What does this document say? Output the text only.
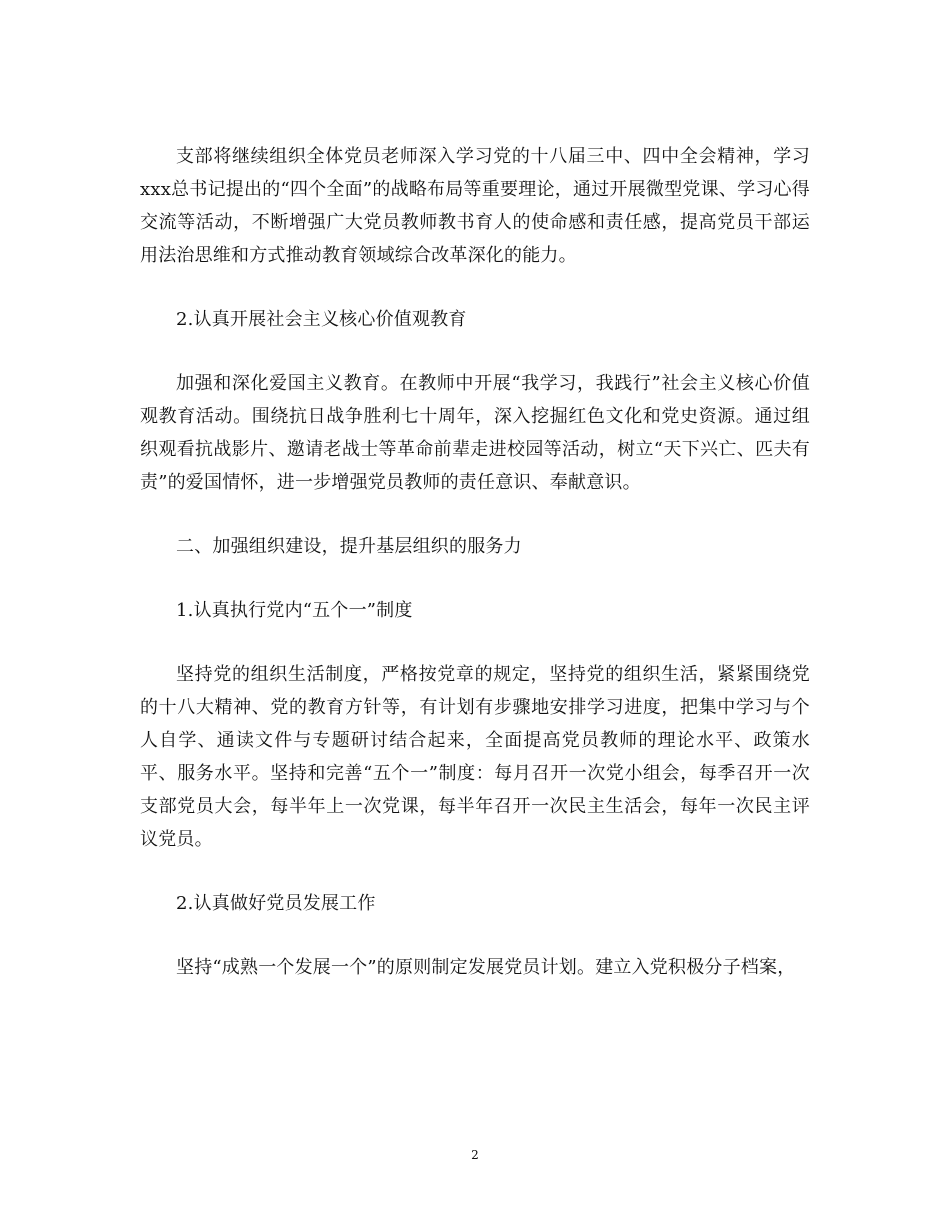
支部将继续组织全体党员老师深入学习党的十八届三中、四中全会精神，学习xxx总书记提出的“四个全面”的战略布局等重要理论，通过开展微型党课、学习心得交流等活动，不断增强广大党员教师教书育人的使命感和责任感，提高党员干部运用法治思维和方式推动教育领域综合改革深化的能力。

2.认真开展社会主义核心价值观教育

加强和深化爱国主义教育。在教师中开展“我学习，我践行”社会主义核心价值观教育活动。围绕抗日战争胜利七十周年，深入挖掘红色文化和党史资源。通过组织观看抗战影片、邀请老战士等革命前辈走进校园等活动，树立“天下兴亡、匹夫有责”的爱国情怀，进一步增强党员教师的责任意识、奉献意识。

二、加强组织建设，提升基层组织的服务力

1.认真执行党内“五个一”制度

坚持党的组织生活制度，严格按党章的规定，坚持党的组织生活，紧紧围绕党的十八大精神、党的教育方针等，有计划有步骤地安排学习进度，把集中学习与个人自学、通读文件与专题研讨结合起来，全面提高党员教师的理论水平、政策水平、服务水平。坚持和完善“五个一”制度：每月召开一次党小组会，每季召开一次支部党员大会，每半年上一次党课，每半年召开一次民主生活会，每年一次民主评议党员。

2.认真做好党员发展工作

坚持“成熟一个发展一个”的原则制定发展党员计划。建立入党积极分子档案，

2
